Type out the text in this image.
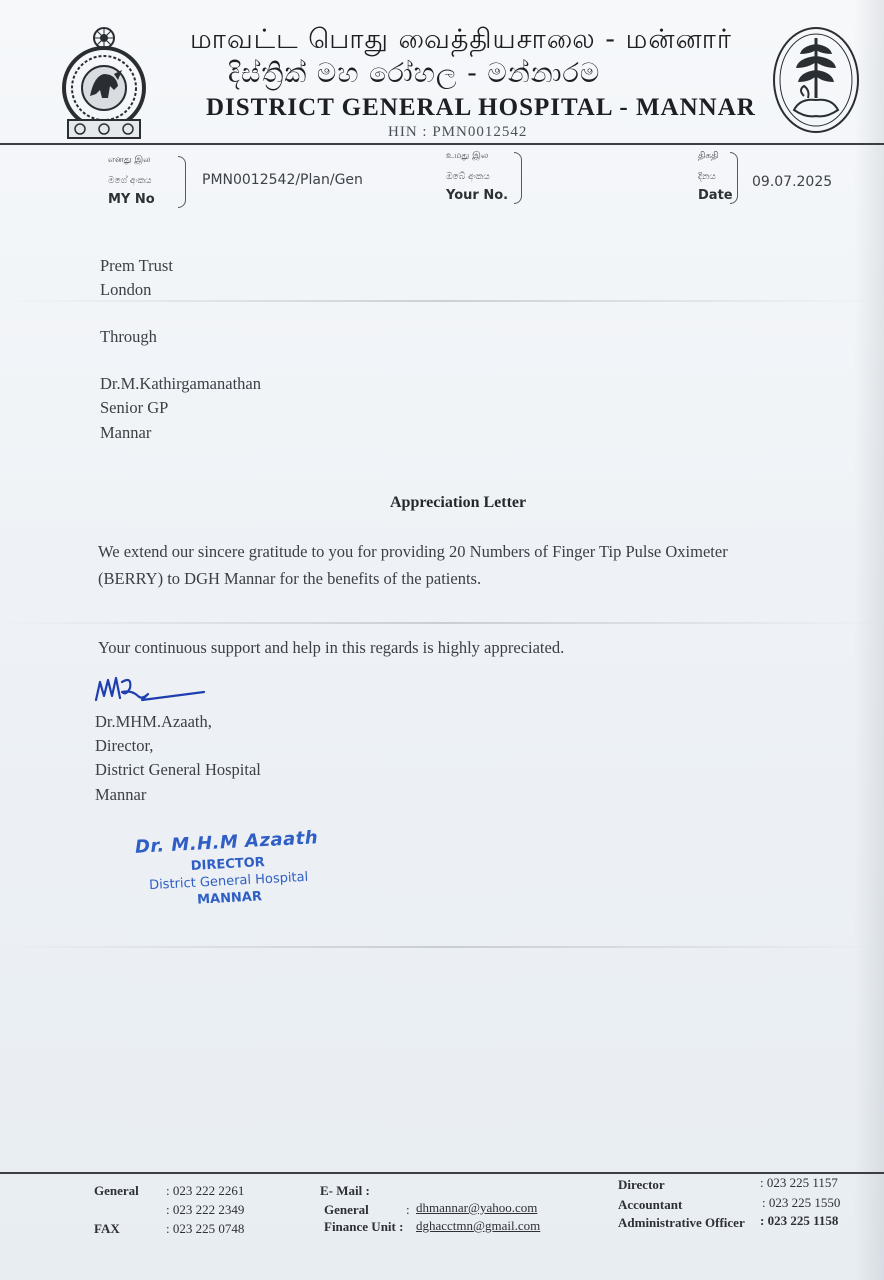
மாவட்ட பொது வைத்தியசாலை - மன்னார்
දිස්ත්‍රික් මහ රෝහල - මන්නාරම
DISTRICT GENERAL HOSPITAL - MANNAR
HIN : PMN0012542
எனது இல
මගේ අංකය
MY No
PMN0012542/Plan/Gen
உமது இல
ඔබේ අංකය
Your No.
திகதி
දිනය
Date
09.07.2025
Prem Trust
London
Through
Dr.M.Kathirgamanathan
Senior GP
Mannar
Appreciation Letter
We extend our sincere gratitude to you for providing 20 Numbers of Finger Tip Pulse Oximeter
(BERRY) to DGH Mannar for the benefits of the patients.
Your continuous support and help in this regards is highly appreciated.
Dr.MHM.Azaath,
Director,
District General Hospital
Mannar
Dr. M.H.M Azaath
DIRECTOR
District General Hospital
MANNAR
General : 023 222 2261
: 023 222 2349
FAX	: 023 225 0748
E- Mail :
General	: dhmannar@yahoo.com
Finance Unit : dghacctmn@gmail.com
Director	: 023 225 1157
Accountant	: 023 225 1550
Administrative Officer : 023 225 1158
